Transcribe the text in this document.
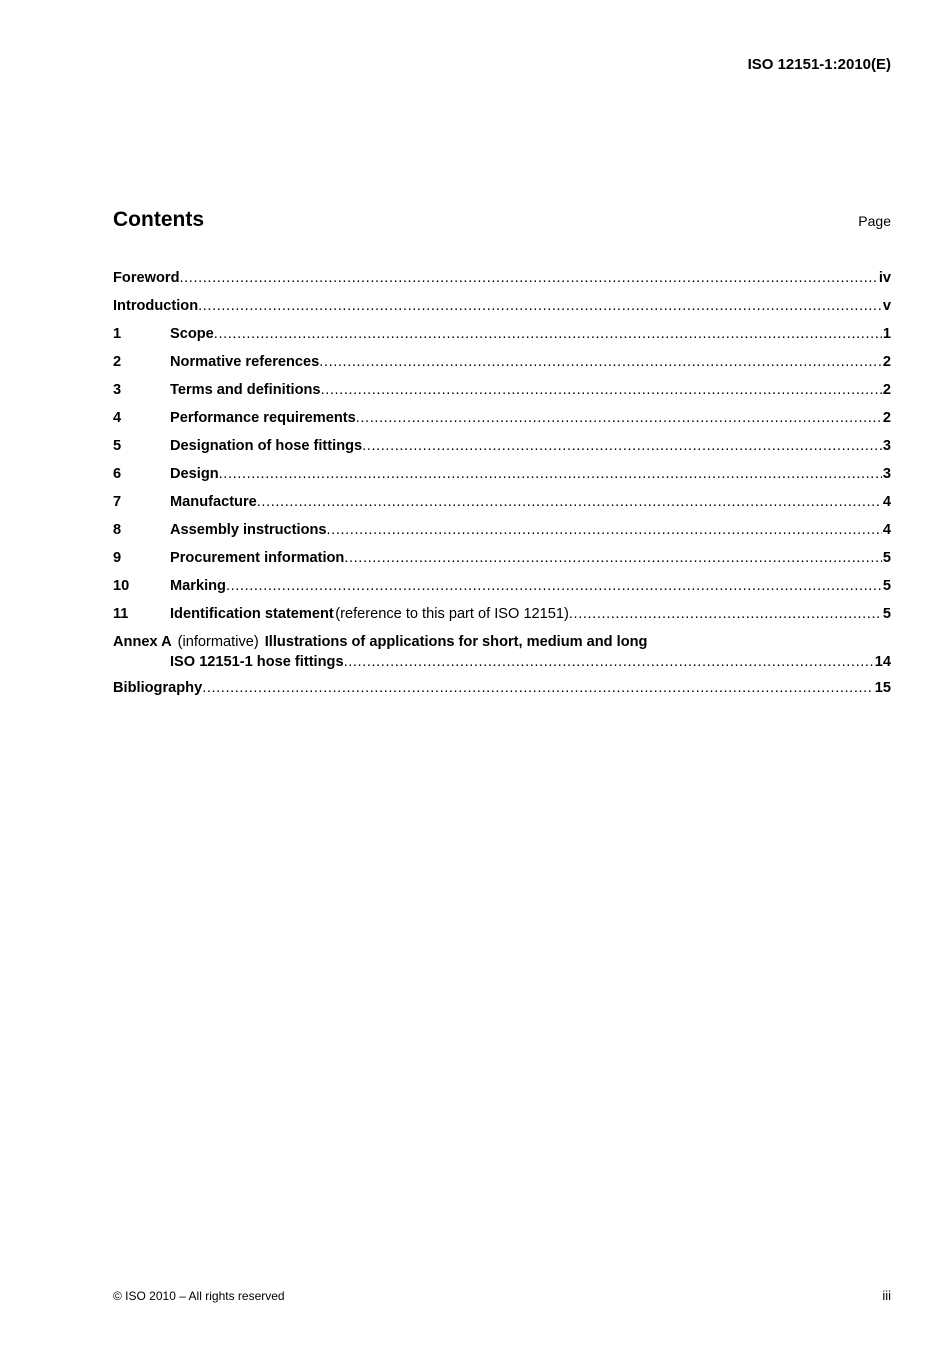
ISO 12151-1:2010(E)
Contents	Page
Foreword .....	iv
Introduction .....	v
1	Scope .....	1
2	Normative references .....	2
3	Terms and definitions .....	2
4	Performance requirements .....	2
5	Designation of hose fittings .....	3
6	Design .....	3
7	Manufacture .....	4
8	Assembly instructions .....	4
9	Procurement information .....	5
10	Marking .....	5
11	Identification statement (reference to this part of ISO 12151) .....	5
Annex A (informative) Illustrations of applications for short, medium and long
ISO 12151-1 hose fittings .....	14
Bibliography .....	15
© ISO 2010 – All rights reserved	iii
